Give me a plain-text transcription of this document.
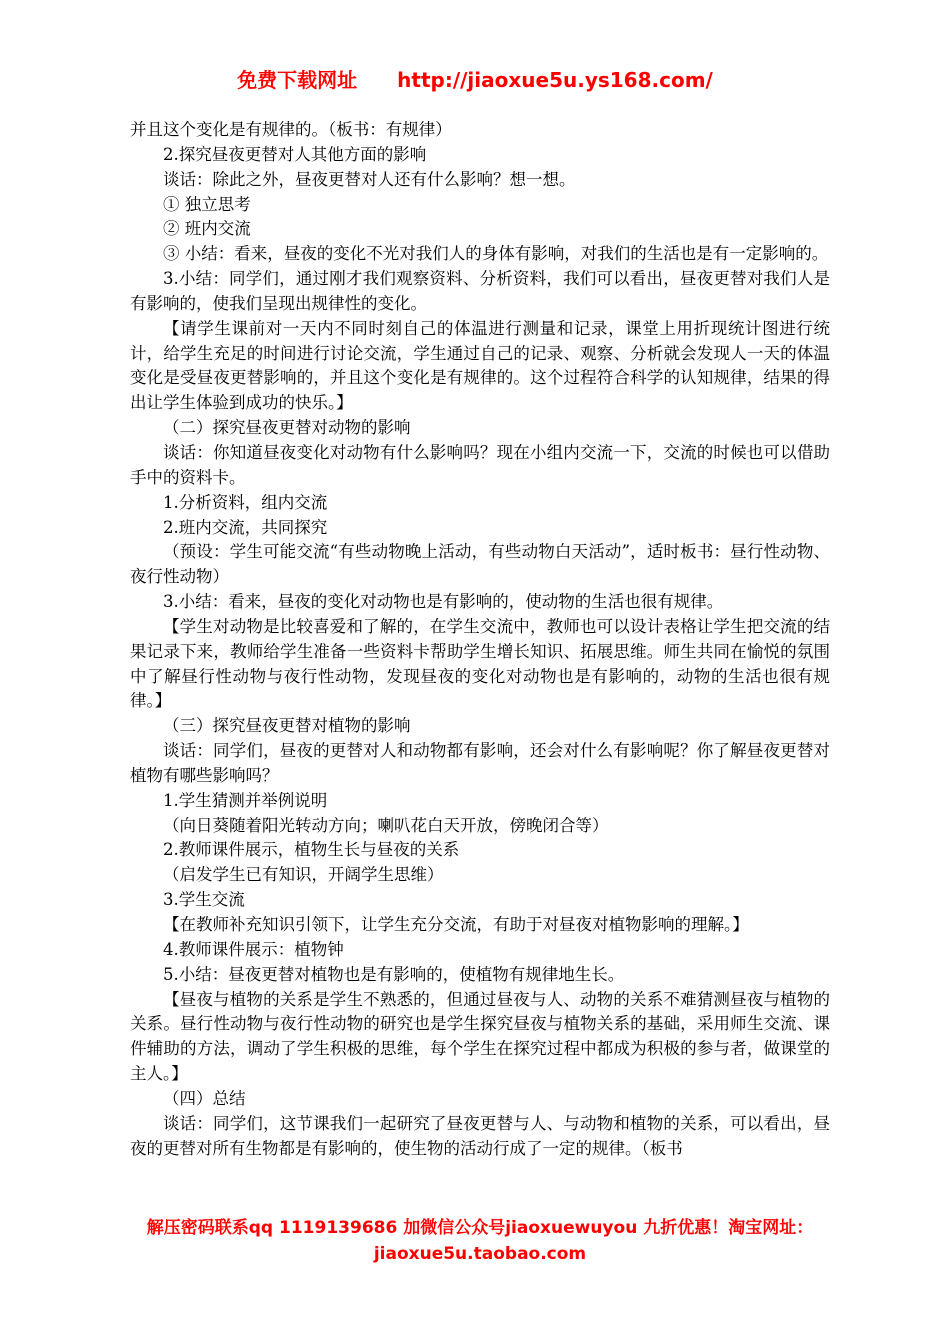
免费下载网址 http://jiaoxue5u.ys168.com/

并且这个变化是有规律的。（板书：有规律）

2.探究昼夜更替对人其他方面的影响

谈话：除此之外，昼夜更替对人还有什么影响？想一想。

① 独立思考

② 班内交流

③ 小结：看来，昼夜的变化不光对我们人的身体有影响，对我们的生活也是有一定影响的。

3.小结：同学们，通过刚才我们观察资料、分析资料，我们可以看出，昼夜更替对我们人是有影响的，使我们呈现出规律性的变化。

【请学生课前对一天内不同时刻自己的体温进行测量和记录，课堂上用折现统计图进行统计，给学生充足的时间进行讨论交流，学生通过自己的记录、观察、分析就会发现人一天的体温变化是受昼夜更替影响的，并且这个变化是有规律的。这个过程符合科学的认知规律，结果的得出让学生体验到成功的快乐。】

（二）探究昼夜更替对动物的影响

谈话：你知道昼夜变化对动物有什么影响吗？现在小组内交流一下，交流的时候也可以借助手中的资料卡。

1.分析资料，组内交流

2.班内交流，共同探究

（预设：学生可能交流“有些动物晚上活动，有些动物白天活动”，适时板书：昼行性动物、夜行性动物）

3.小结：看来，昼夜的变化对动物也是有影响的，使动物的生活也很有规律。

【学生对动物是比较喜爱和了解的，在学生交流中，教师也可以设计表格让学生把交流的结果记录下来，教师给学生准备一些资料卡帮助学生增长知识、拓展思维。师生共同在愉悦的氛围中了解昼行性动物与夜行性动物，发现昼夜的变化对动物也是有影响的，动物的生活也很有规律。】

（三）探究昼夜更替对植物的影响

谈话：同学们，昼夜的更替对人和动物都有影响，还会对什么有影响呢？你了解昼夜更替对植物有哪些影响吗？

1.学生猜测并举例说明

（向日葵随着阳光转动方向；喇叭花白天开放，傍晚闭合等）

2.教师课件展示，植物生长与昼夜的关系

（启发学生已有知识，开阔学生思维）

3.学生交流

【在教师补充知识引领下，让学生充分交流，有助于对昼夜对植物影响的理解。】

4.教师课件展示：植物钟

5.小结：昼夜更替对植物也是有影响的，使植物有规律地生长。

【昼夜与植物的关系是学生不熟悉的，但通过昼夜与人、动物的关系不难猜测昼夜与植物的关系。昼行性动物与夜行性动物的研究也是学生探究昼夜与植物关系的基础，采用师生交流、课件辅助的方法，调动了学生积极的思维，每个学生在探究过程中都成为积极的参与者，做课堂的主人。】

（四）总结

谈话：同学们，这节课我们一起研究了昼夜更替与人、与动物和植物的关系，可以看出，昼夜的更替对所有生物都是有影响的，使生物的活动行成了一定的规律。（板书

解压密码联系qq 1119139686 加微信公众号jiaoxuewuyou 九折优惠！淘宝网址：jiaoxue5u.taobao.com
